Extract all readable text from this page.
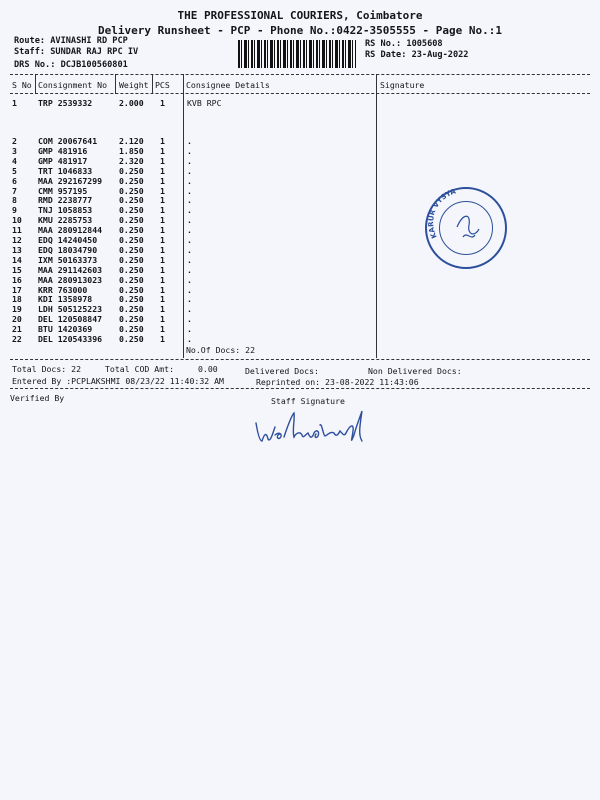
THE PROFESSIONAL COURIERS, Coimbatore
Delivery Runsheet - PCP - Phone No.:0422-3505555 - Page No.:1
Route: AVINASHI RD PCP
Staff: SUNDAR RAJ RPC IV
DRS No.: DCJB100560801
RS No.: 1005608
RS Date: 23-Aug-2022
S No Consignment No Weight PCS Consignee Details	Signature
1	TRP 2539332	2.000 1	KVB RPC
2	COM 20067641	2.120 1	.
3	GMP 481916	1.850 1	.
4	GMP 481917	2.320 1	.
5	TRT 1046833	0.250 1	.
6	MAA 292167299 0.250 1	.
7	CMM 957195	0.250 1	.
8	RMD 2238777	0.250 1	.
9	TNJ 1058853	0.250 1	.
10 KMU 2285753	0.250 1	.
11 MAA 280912844 0.250 1	.
12 EDQ 14240450	0.250 1	.
13 EDQ 18034790	0.250 1	.
14 IXM 50163373	0.250 1	.
15 MAA 291142603 0.250 1	.
16 MAA 280913023 0.250 1	.
17 KRR 763000	0.250 1	.
18 KDI 1358978	0.250 1	.
19 LDH 505125223 0.250 1	.
20 DEL 120508847 0.250 1	.
21 BTU 1420369	0.250 1	.
22 DEL 120543396 0.250 1	.
No.Of Docs: 22
Total Docs: 22	Total COD Amt:	0.00	Delivered Docs:	Non Delivered Docs:
Entered By :PCPLAKSHMI 08/23/22 11:40:32 AM	Reprinted on: 23-08-2022 11:43:06
Verified By	Staff Signature
KARUR VYSYA
